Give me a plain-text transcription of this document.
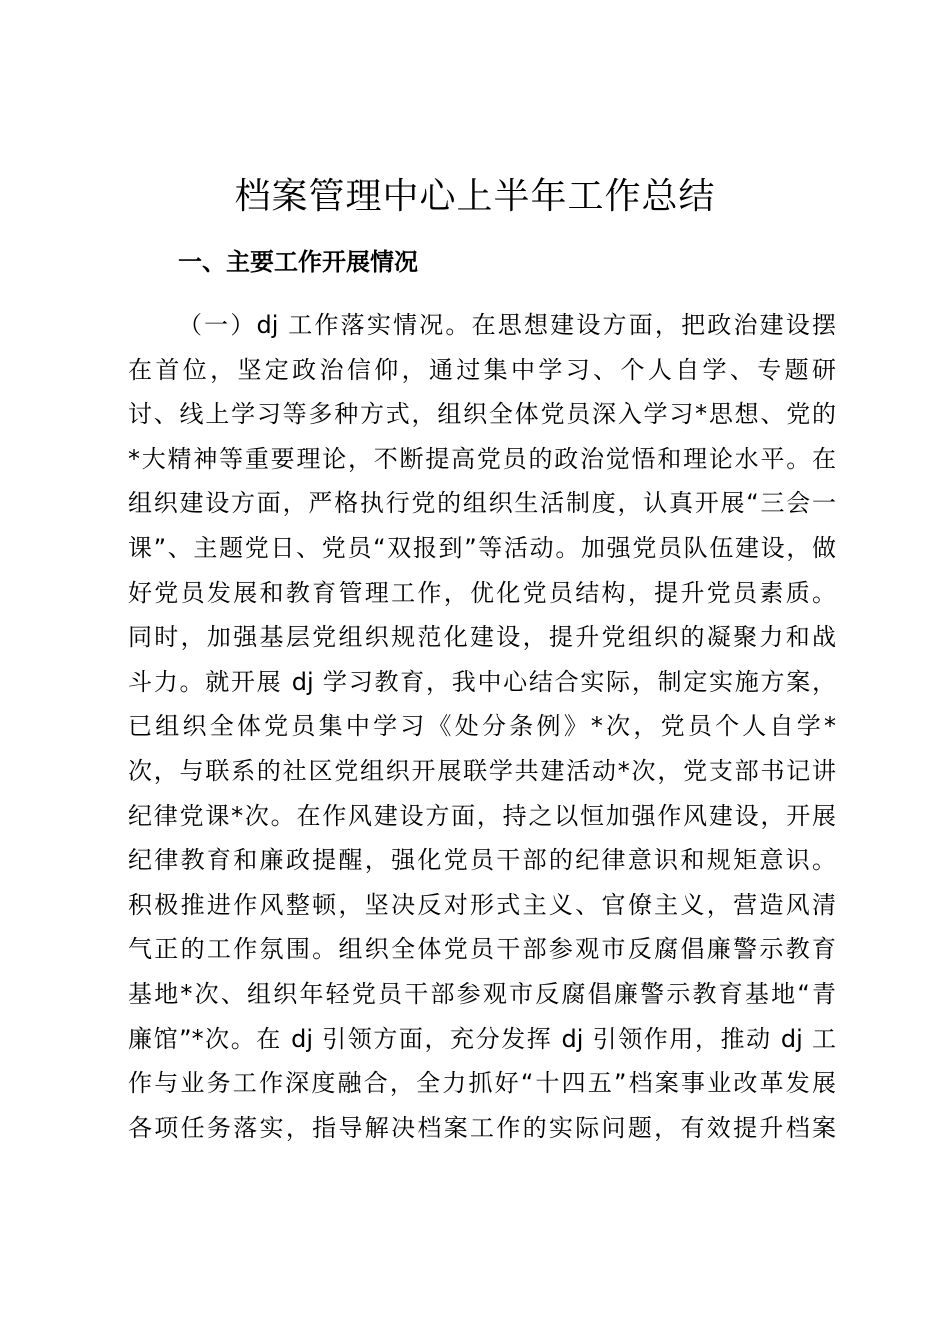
档案管理中心上半年工作总结
一、主要工作开展情况
（一）dj 工作落实情况。在思想建设方面，把政治建设摆
在首位，坚定政治信仰，通过集中学习、个人自学、专题研
讨、线上学习等多种方式，组织全体党员深入学习*思想、党的
*大精神等重要理论，不断提高党员的政治觉悟和理论水平。在
组织建设方面，严格执行党的组织生活制度，认真开展“三会一
课”、主题党日、党员“双报到”等活动。加强党员队伍建设，做
好党员发展和教育管理工作，优化党员结构，提升党员素质。
同时，加强基层党组织规范化建设，提升党组织的凝聚力和战
斗力。就开展 dj 学习教育，我中心结合实际，制定实施方案，
已组织全体党员集中学习《处分条例》*次，党员个人自学*
次，与联系的社区党组织开展联学共建活动*次，党支部书记讲
纪律党课*次。在作风建设方面，持之以恒加强作风建设，开展
纪律教育和廉政提醒，强化党员干部的纪律意识和规矩意识。
积极推进作风整顿，坚决反对形式主义、官僚主义，营造风清
气正的工作氛围。组织全体党员干部参观市反腐倡廉警示教育
基地*次、组织年轻党员干部参观市反腐倡廉警示教育基地“青
廉馆”*次。在 dj 引领方面，充分发挥 dj 引领作用，推动 dj 工
作与业务工作深度融合，全力抓好“十四五”档案事业改革发展
各项任务落实，指导解决档案工作的实际问题，有效提升档案
